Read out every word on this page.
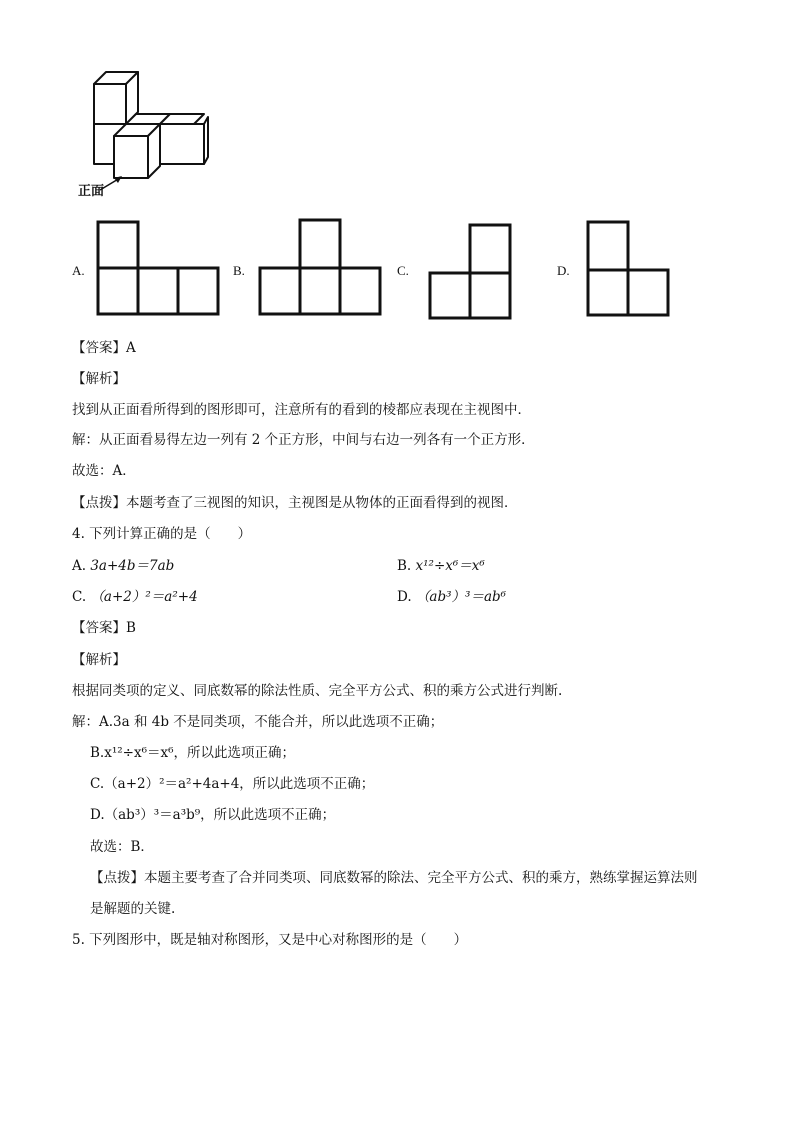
正面
A.	B.	C.	D.
【答案】A
【解析】
找到从正面看所得到的图形即可，注意所有的看到的棱都应表现在主视图中．
解：从正面看易得左边一列有 2 个正方形，中间与右边一列各有一个正方形．
故选：A．
【点拨】本题考查了三视图的知识，主视图是从物体的正面看得到的视图．
4. 下列计算正确的是（　　）
A. 3a+4b＝7ab	B. x¹²÷x⁶＝x⁶
C. （a+2）²＝a²+4	D. （ab³）³＝ab⁶
【答案】B
【解析】
根据同类项的定义、同底数幂的除法性质、完全平方公式、积的乘方公式进行判断.
解：A.3a 和 4b 不是同类项，不能合并，所以此选项不正确；
B.x¹²÷x⁶＝x⁶，所以此选项正确；
C.（a+2）²＝a²+4a+4，所以此选项不正确；
D.（ab³）³＝a³b⁹，所以此选项不正确；
故选：B．
【点拨】本题主要考查了合并同类项、同底数幂的除法、完全平方公式、积的乘方，熟练掌握运算法则
是解题的关键.
5. 下列图形中，既是轴对称图形，又是中心对称图形的是（　　）
